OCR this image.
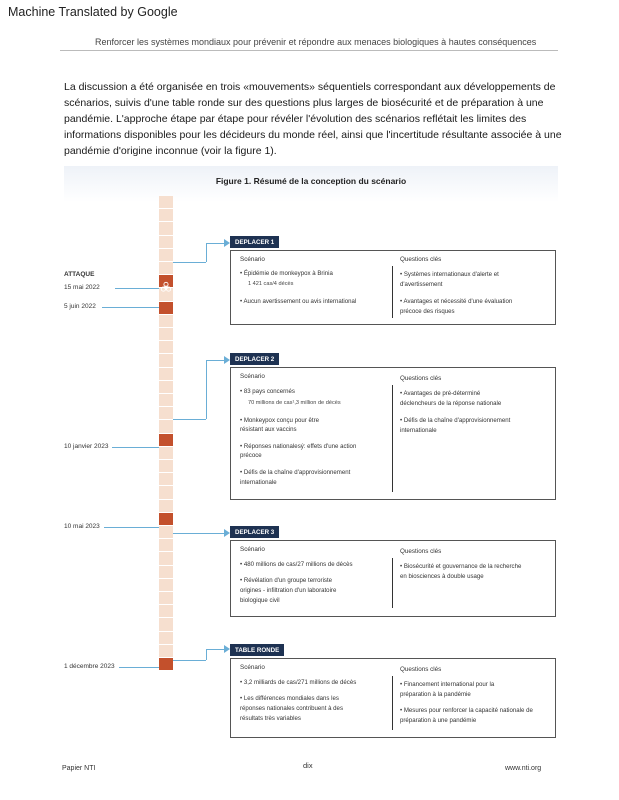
Machine Translated by Google
Renforcer les systèmes mondiaux pour prévenir et répondre aux menaces biologiques à hautes conséquences
La discussion a été organisée en trois «mouvements» séquentiels correspondant aux développements de scénarios, suivis d'une table ronde sur des questions plus larges de biosécurité et de préparation à une pandémie. L'approche étape par étape pour révéler l'évolution des scénarios reflétait les limites des informations disponibles pour les décideurs du monde réel, ainsi que l'incertitude résultante associée à une pandémie d'origine inconnue (voir la figure 1).
Figure 1. Résumé de la conception du scénario
ATTAQUE
15 mai 2022
5 juin 2022
10 janvier 2023
10 mai 2023
1 décembre 2023
DEPLACER 1
Scénario
• Épidémie de monkeypox à Brinia
1 421 cas/4 décès
• Aucun avertissement ou avis international
Questions clés
• Systèmes internationaux d'alerte et
d'avertissement
• Avantages et nécessité d'une évaluation
précoce des risques
DEPLACER 2
Scénario
• 83 pays concernés
70 millions de cas¹,3 million de décès
• Monkeypox conçu pour être
résistant aux vaccins
• Réponses nationalesý: effets d'une action
précoce
• Défis de la chaîne d'approvisionnement
internationale
Questions clés
• Avantages de pré-déterminé
déclencheurs de la réponse nationale
• Défis de la chaîne d'approvisionnement
internationale
DEPLACER 3
Scénario
• 480 millions de cas/27 millions de décès
• Révélation d'un groupe terroriste
origines - infiltration d'un laboratoire
biologique civil
Questions clés
• Biosécurité et gouvernance de la recherche
en biosciences à double usage
TABLE RONDE
Scénario
• 3,2 milliards de cas/271 millions de décès
• Les différences mondiales dans les
réponses nationales contribuent à des
résultats très variables
Questions clés
• Financement international pour la
préparation à la pandémie
• Mesures pour renforcer la capacité nationale de
préparation à une pandémie
Papier NTI	dix	www.nti.org
